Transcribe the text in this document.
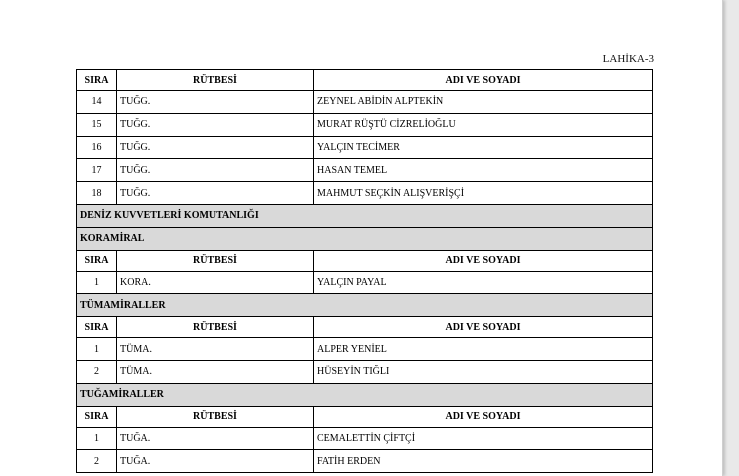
LAHİKA-3
SIRA	RÜTBESİ	ADI VE SOYADI
14	TUĞG.	ZEYNEL ABİDİN ALPTEKİN
15	TUĞG.	MURAT RÜŞTÜ CİZRELİOĞLU
16	TUĞG.	YALÇIN TECİMER
17	TUĞG.	HASAN TEMEL
18	TUĞG.	MAHMUT SEÇKİN ALIŞVERİŞÇİ
DENİZ KUVVETLERİ KOMUTANLIĞI		
KORAMİRAL		
SIRA	RÜTBESİ	ADI VE SOYADI
1	KORA.	YALÇIN PAYAL
TÜMAMİRALLER		
SIRA	RÜTBESİ	ADI VE SOYADI
1	TÜMA.	ALPER YENİEL
2	TÜMA.	HÜSEYİN TIĞLI
TUĞAMİRALLER		
SIRA	RÜTBESİ	ADI VE SOYADI
1	TUĞA.	CEMALETTİN ÇİFTÇİ
2	TUĞA.	FATİH ERDEN
